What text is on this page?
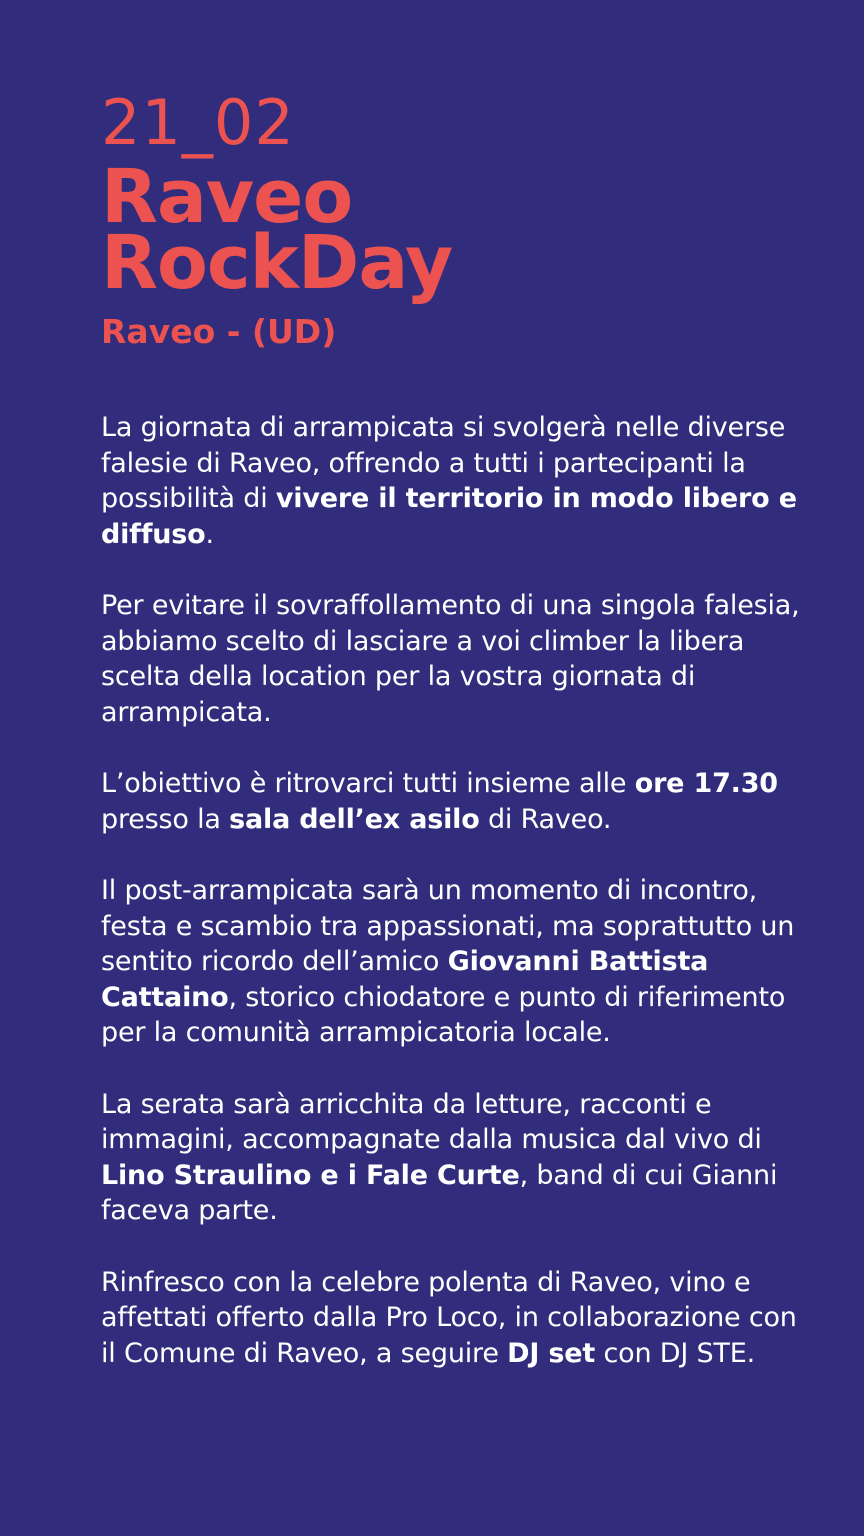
21_02
Raveo
RockDay
Raveo - (UD)

La giornata di arrampicata si svolgerà nelle diverse falesie di Raveo, offrendo a tutti i partecipanti la possibilità di vivere il territorio in modo libero e diffuso.

Per evitare il sovraffollamento di una singola falesia, abbiamo scelto di lasciare a voi climber la libera scelta della location per la vostra giornata di arrampicata.

L’obiettivo è ritrovarci tutti insieme alle ore 17.30 presso la sala dell’ex asilo di Raveo.

Il post-arrampicata sarà un momento di incontro, festa e scambio tra appassionati, ma soprattutto un sentito ricordo dell’amico Giovanni Battista Cattaino, storico chiodatore e punto di riferimento per la comunità arrampicatoria locale.

La serata sarà arricchita da letture, racconti e immagini, accompagnate dalla musica dal vivo di Lino Straulino e i Fale Curte, band di cui Gianni faceva parte.

Rinfresco con la celebre polenta di Raveo, vino e affettati offerto dalla Pro Loco, in collaborazione con il Comune di Raveo, a seguire DJ set con DJ STE.
